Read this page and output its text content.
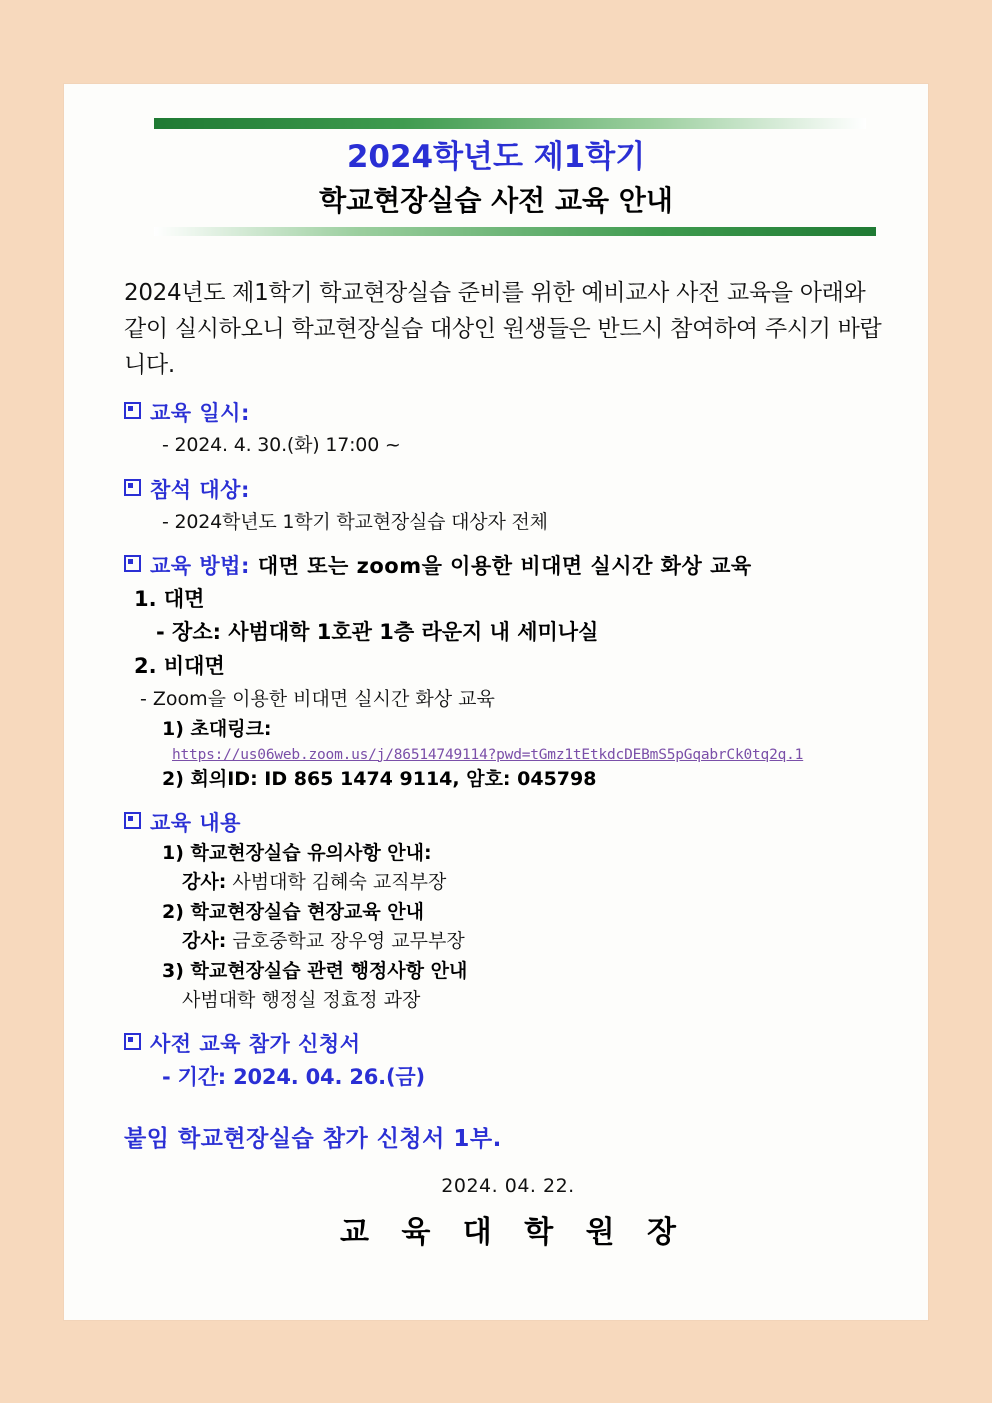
2024학년도 제1학기
학교현장실습 사전 교육 안내
2024년도 제1학기 학교현장실습 준비를 위한 예비교사 사전 교육을 아래와 같이 실시하오니 학교현장실습 대상인 원생들은 반드시 참여하여 주시기 바랍니다.
교육 일시:
- 2024. 4. 30.(화) 17:00 ~
참석 대상:
- 2024학년도 1학기 학교현장실습 대상자 전체
교육 방법: 대면 또는 zoom을 이용한 비대면 실시간 화상 교육
1. 대면
- 장소: 사범대학 1호관 1층 라운지 내 세미나실
2. 비대면
- Zoom을 이용한 비대면 실시간 화상 교육
1) 초대링크:
https://us06web.zoom.us/j/86514749114?pwd=tGmz1tEtkdcDEBmS5pGqabrCk0tq2q.1
2) 회의ID: ID 865 1474 9114, 암호: 045798
교육 내용
1) 학교현장실습 유의사항 안내:
강사: 사범대학 김혜숙 교직부장
2) 학교현장실습 현장교육 안내
강사: 금호중학교 장우영 교무부장
3) 학교현장실습 관련 행정사항 안내
사범대학 행정실 정효정 과장
사전 교육 참가 신청서
- 기간: 2024. 04. 26.(금)
붙임 학교현장실습 참가 신청서 1부.
2024. 04. 22.
교 육 대 학 원 장
